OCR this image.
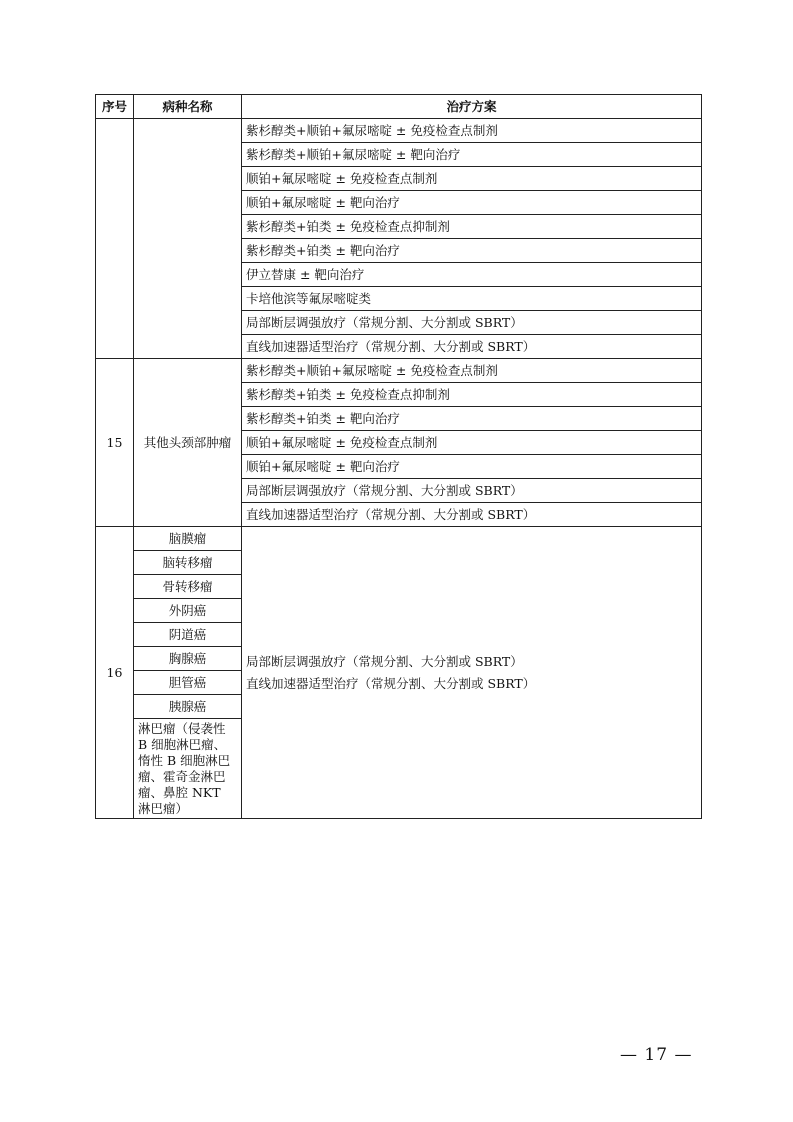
序号	病种名称	治疗方案
		紫杉醇类+顺铂+氟尿嘧啶 ± 免疫检查点制剂
		紫杉醇类+顺铂+氟尿嘧啶 ± 靶向治疗
		顺铂+氟尿嘧啶 ± 免疫检查点制剂
		顺铂+氟尿嘧啶 ± 靶向治疗
		紫杉醇类+铂类 ± 免疫检查点抑制剂
		紫杉醇类+铂类 ± 靶向治疗
		伊立替康 ± 靶向治疗
		卡培他滨等氟尿嘧啶类
		局部断层调强放疗（常规分割、大分割或 SBRT）
		直线加速器适型治疗（常规分割、大分割或 SBRT）
15	其他头颈部肿瘤	紫杉醇类+顺铂+氟尿嘧啶 ± 免疫检查点制剂
		紫杉醇类+铂类 ± 免疫检查点抑制剂
		紫杉醇类+铂类 ± 靶向治疗
		顺铂+氟尿嘧啶 ± 免疫检查点制剂
		顺铂+氟尿嘧啶 ± 靶向治疗
		局部断层调强放疗（常规分割、大分割或 SBRT）
		直线加速器适型治疗（常规分割、大分割或 SBRT）
16	脑膜瘤	局部断层调强放疗（常规分割、大分割或 SBRT）
直线加速器适型治疗（常规分割、大分割或 SBRT）

	脑转移瘤	
	骨转移瘤	
	外阴癌	
	阴道癌	
	胸腺癌	
	胆管癌	
	胰腺癌	
	淋巴瘤（侵袭性 B 细胞淋巴瘤、惰性 B 细胞淋巴瘤、霍奇金淋巴瘤、鼻腔 NKT 淋巴瘤）	
— 17 —
